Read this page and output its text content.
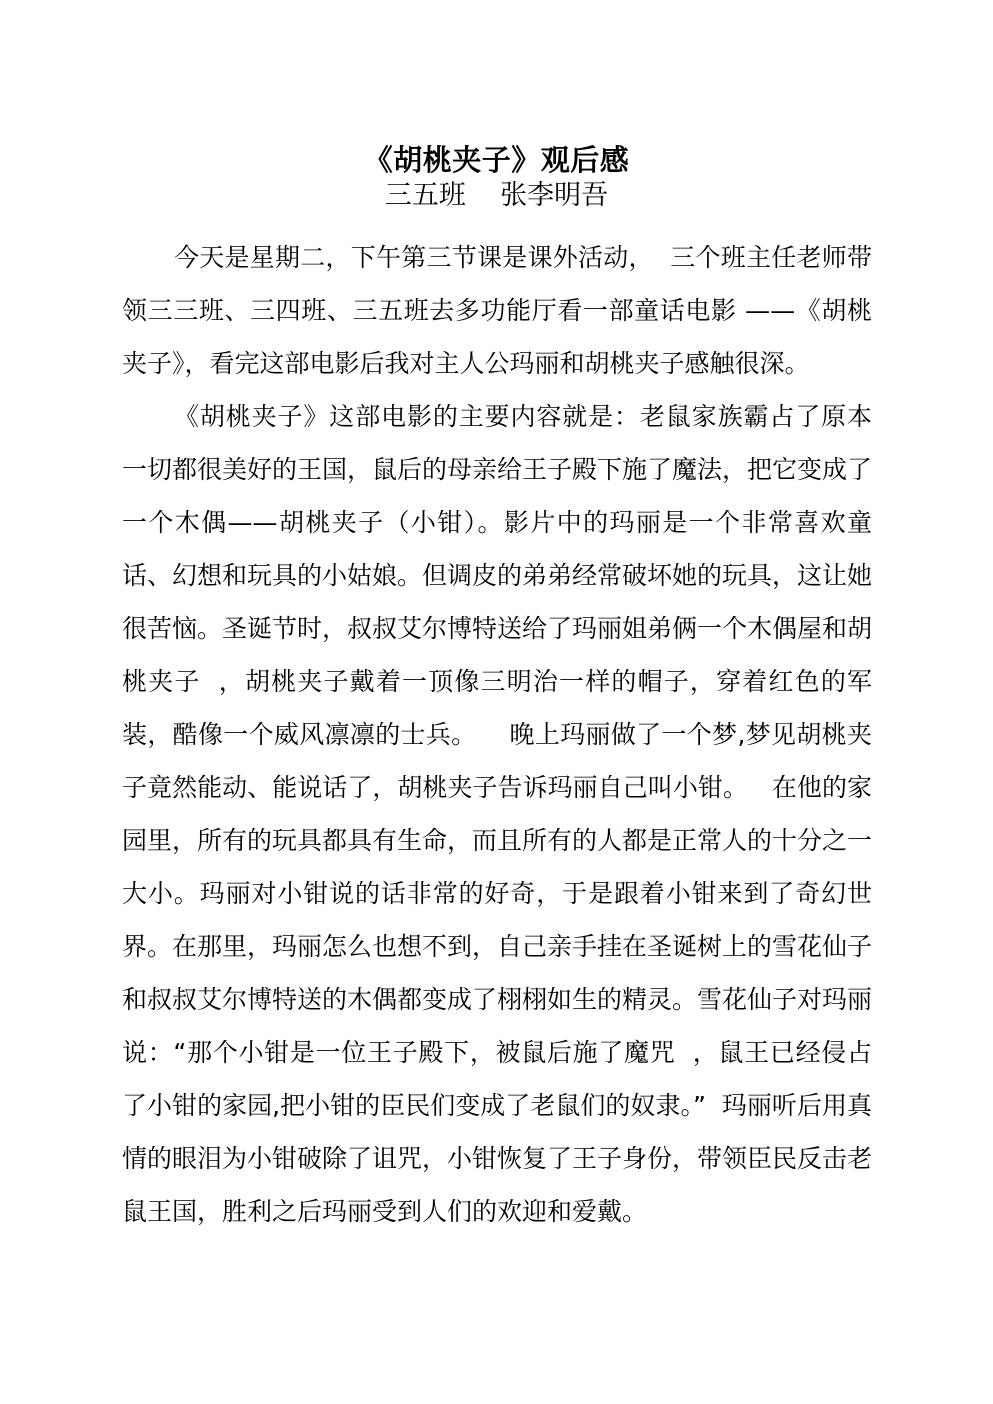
《胡桃夹子》观后感
三五班    张李明吾

今天是星期二，下午第三节课是课外活动，  三个班主任老师带领三三班、三四班、三五班去多功能厅看一部童话电影 ——《胡桃夹子》，看完这部电影后我对主人公玛丽和胡桃夹子感触很深。

《胡桃夹子》这部电影的主要内容就是：老鼠家族霸占了原本一切都很美好的王国，鼠后的母亲给王子殿下施了魔法，把它变成了一个木偶——胡桃夹子（小钳）。影片中的玛丽是一个非常喜欢童话、幻想和玩具的小姑娘。但调皮的弟弟经常破坏她的玩具，这让她很苦恼。圣诞节时，叔叔艾尔博特送给了玛丽姐弟俩一个木偶屋和胡桃夹子  ，胡桃夹子戴着一顶像三明治一样的帽子，穿着红色的军装，酷像一个威风凛凛的士兵。    晚上玛丽做了一个梦,梦见胡桃夹子竟然能动、能说话了，胡桃夹子告诉玛丽自己叫小钳。   在他的家园里，所有的玩具都具有生命，而且所有的人都是正常人的十分之一大小。玛丽对小钳说的话非常的好奇，于是跟着小钳来到了奇幻世界。在那里，玛丽怎么也想不到，自己亲手挂在圣诞树上的雪花仙子和叔叔艾尔博特送的木偶都变成了栩栩如生的精灵。雪花仙子对玛丽说：“那个小钳是一位王子殿下，被鼠后施了魔咒  ，鼠王已经侵占了小钳的家园,把小钳的臣民们变成了老鼠们的奴隶。”  玛丽听后用真情的眼泪为小钳破除了诅咒，小钳恢复了王子身份，带领臣民反击老鼠王国，胜利之后玛丽受到人们的欢迎和爱戴。
